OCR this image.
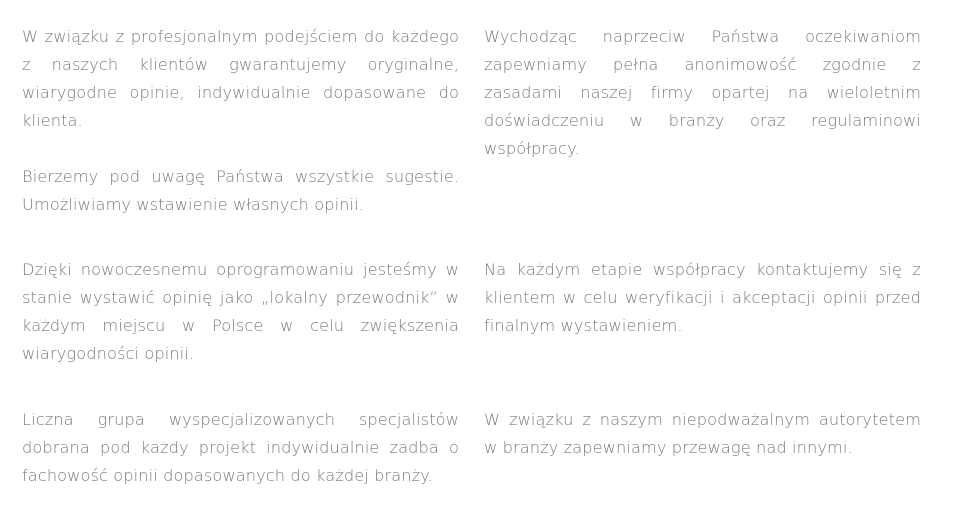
W związku z profesjonalnym podejściem do każdego z naszych klientów gwarantujemy oryginalne, wiarygodne opinie, indywidualnie dopasowane do klienta.

Bierzemy pod uwagę Państwa wszystkie sugestie. Umożliwiamy wstawienie własnych opinii.

Wychodząc naprzeciw Państwa oczekiwaniom zapewniamy pełna anonimowość zgodnie z zasadami naszej firmy opartej na wieloletnim doświadczeniu w branży oraz regulaminowi współpracy.

Dzięki nowoczesnemu oprogramowaniu jesteśmy w stanie wystawić opinię jako „lokalny przewodnik” w każdym miejscu w Polsce w celu zwiększenia wiarygodności opinii.

Na każdym etapie współpracy kontaktujemy się z klientem w celu weryfikacji i akceptacji opinii przed finalnym wystawieniem.

Liczna grupa wyspecjalizowanych specjalistów dobrana pod każdy projekt indywidualnie zadba o fachowość opinii dopasowanych do każdej branży.

W związku z naszym niepodważalnym autorytetem w branży zapewniamy przewagę nad innymi.
